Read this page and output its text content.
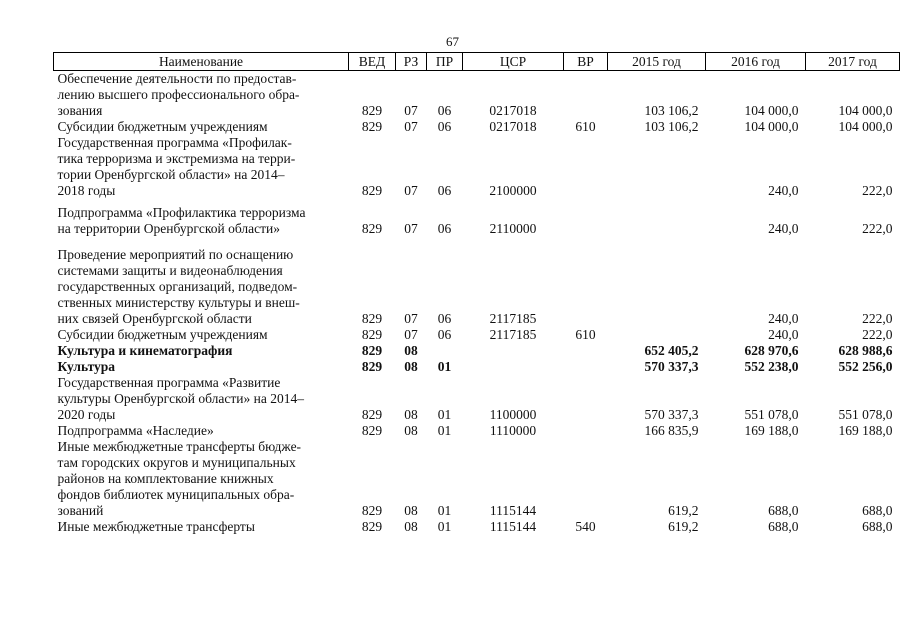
67
Наименование	ВЕД	РЗ	ПР	ЦСР	ВР	2015 год	2016 год	2017 год

Обеспечение деятельности по предостав-
лению высшего профессионального обра-
зования	829	07	06	0217018		103 106,2	104 000,0	104 000,0

Субсидии бюджетным учреждениям	829	07	06	0217018	610	103 106,2	104 000,0	104 000,0

Государственная программа «Профилак-
тика терроризма и экстремизма на терри-
тории Оренбургской области» на 2014–
2018 годы	829	07	06	2100000			240,0	222,0

Подпрограмма «Профилактика терроризма
на территории Оренбургской области»	829	07	06	2110000			240,0	222,0

Проведение мероприятий по оснащению
системами защиты и видеонаблюдения
государственных организаций, подведом-
ственных министерству культуры и внеш-
них связей Оренбургской области	829	07	06	2117185			240,0	222,0

Субсидии бюджетным учреждениям	829	07	06	2117185	610		240,0	222,0

Культура и кинематография	829	08				652 405,2	628 970,6	628 988,6

Культура	829	08	01			570 337,3	552 238,0	552 256,0

Государственная программа «Развитие
культуры Оренбургской области» на 2014–
2020 годы	829	08	01	1100000		570 337,3	551 078,0	551 078,0

Подпрограмма «Наследие»	829	08	01	1110000		166 835,9	169 188,0	169 188,0

Иные межбюджетные трансферты бюдже-
там городских округов и муниципальных
районов на комплектование книжных
фондов библиотек муниципальных обра-
зований	829	08	01	1115144		619,2	688,0	688,0

Иные межбюджетные трансферты	829	08	01	1115144	540	619,2	688,0	688,0
